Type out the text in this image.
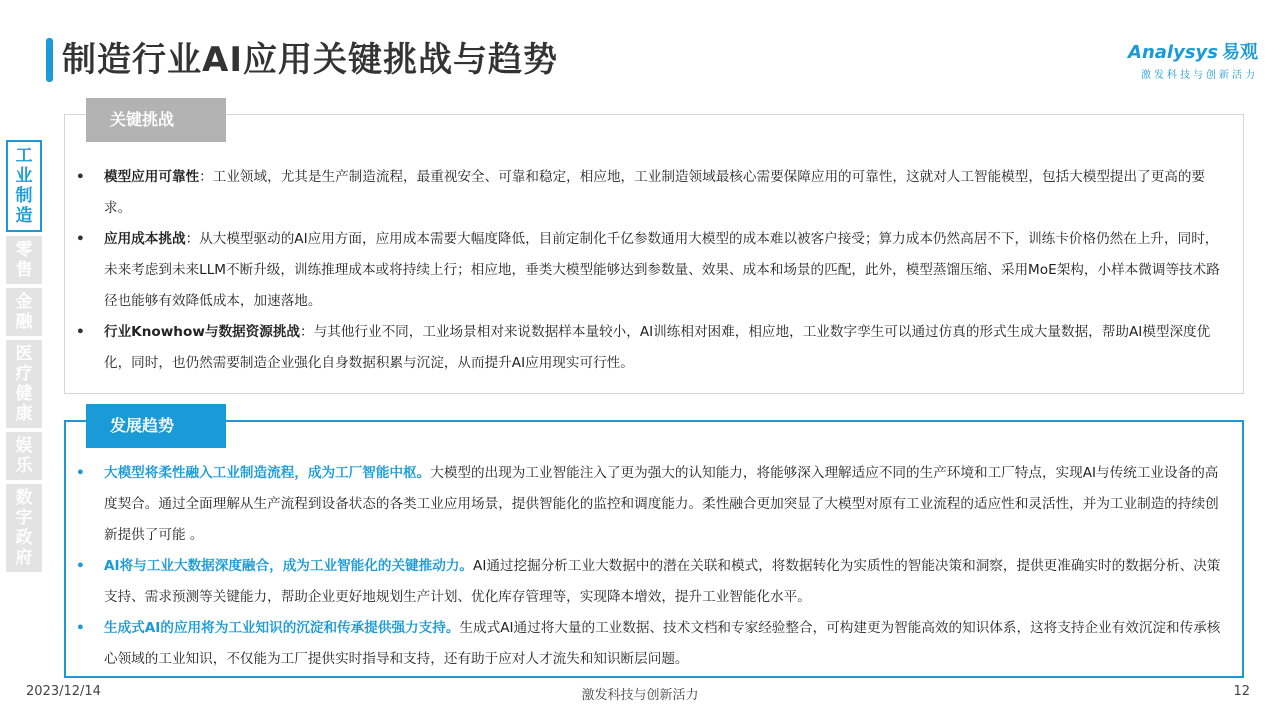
制造行业AI应用关键挑战与趋势	Analysys 易观
激发科技与创新活力
工
业
制
造
零
售
金
融
医
疗
健
康
娱
乐
数
字
政
府
关键挑战
• 模型应用可靠性：工业领域，尤其是生产制造流程，最重视安全、可靠和稳定，相应地，工业制造领域最核心需要保障应用的可靠性，这就对人工智能模型，包括大模型提出了更高的要求。
• 应用成本挑战：从大模型驱动的AI应用方面，应用成本需要大幅度降低，目前定制化千亿参数通用大模型的成本难以被客户接受；算力成本仍然高居不下，训练卡价格仍然在上升，同时，未来考虑到未来LLM不断升级，训练推理成本或将持续上行；相应地，垂类大模型能够达到参数量、效果、成本和场景的匹配，此外，模型蒸馏压缩、采用MoE架构，小样本微调等技术路径也能够有效降低成本，加速落地。
• 行业Knowhow与数据资源挑战：与其他行业不同，工业场景相对来说数据样本量较小，AI训练相对困难，相应地，工业数字孪生可以通过仿真的形式生成大量数据，帮助AI模型深度优化，同时，也仍然需要制造企业强化自身数据积累与沉淀，从而提升AI应用现实可行性。
发展趋势
• 大模型将柔性融入工业制造流程，成为工厂智能中枢。大模型的出现为工业智能注入了更为强大的认知能力，将能够深入理解适应不同的生产环境和工厂特点，实现AI与传统工业设备的高度契合。通过全面理解从生产流程到设备状态的各类工业应用场景，提供智能化的监控和调度能力。柔性融合更加突显了大模型对原有工业流程的适应性和灵活性，并为工业制造的持续创新提供了可能 。
• AI将与工业大数据深度融合，成为工业智能化的关键推动力。AI通过挖掘分析工业大数据中的潜在关联和模式，将数据转化为实质性的智能决策和洞察，提供更准确实时的数据分析、决策支持、需求预测等关键能力，帮助企业更好地规划生产计划、优化库存管理等，实现降本增效，提升工业智能化水平。
• 生成式AI的应用将为工业知识的沉淀和传承提供强力支持。生成式AI通过将大量的工业数据、技术文档和专家经验整合，可构建更为智能高效的知识体系，这将支持企业有效沉淀和传承核心领域的工业知识，不仅能为工厂提供实时指导和支持，还有助于应对人才流失和知识断层问题。
2023/12/14	激发科技与创新活力	12
